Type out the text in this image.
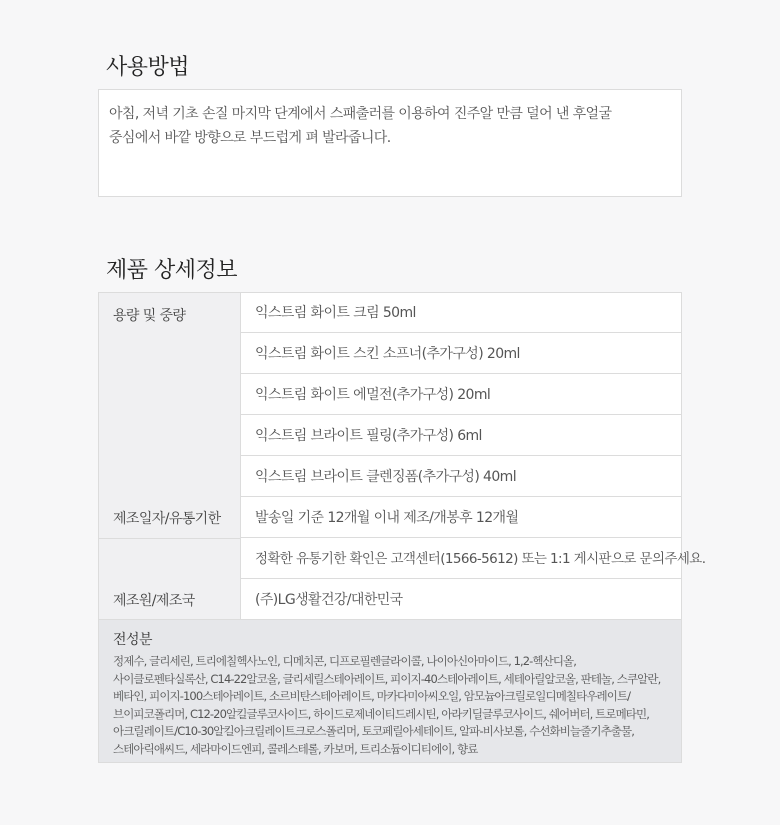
사용방법

아침, 저녁 기초 손질 마지막 단계에서 스패출러를 이용하여 진주알 만큼 덜어 낸 후얼굴

중심에서 바깥 방향으로 부드럽게 펴 발라줍니다.

제품 상세정보
용량 및 중량
제조일자/유통기한
제조원/제조국
익스트림 화이트 크림 50ml
익스트림 화이트 스킨 소프너(추가구성) 20ml
익스트림 화이트 에멀전(추가구성) 20ml
익스트림 브라이트 필링(추가구성) 6ml
익스트림 브라이트 클렌징폼(추가구성) 40ml
발송일 기준 12개월 이내 제조/개봉후 12개월
정확한 유통기한 확인은 고객센터(1566-5612) 또는 1:1 게시판으로 문의주세요.
(주)LG생활건강/대한민국

전성분

정제수, 글리세린, 트리에칠헥사노인, 디메치콘, 디프로필렌글라이콜, 나이아신아마이드, 1,2-헥산디올, 사이클로펜타실록산, C14-22알코올, 글리세릴스테아레이트, 피이지-40스테아레이트, 세테아릴알코올, 판테놀, 스쿠알란, 베타인, 피이지-100스테아레이트, 소르비탄스테아레이트, 마카다미아씨오일, 암모늄아크릴로일디메칠타우레이트/브이피코폴리머, C12-20알킬글루코사이드, 하이드로제네이티드레시틴, 아라키딜글루코사이드, 쉐어버터, 트로메타민, 아크릴레이트/C10-30알킬아크릴레이트크로스폴리머, 토코페릴아세테이트, 알파-비사보롤, 수선화비늘줄기추출물, 스테아릭애씨드, 세라마이드엔피, 콜레스테롤, 카보머, 트리소듐이디티에이, 향료
